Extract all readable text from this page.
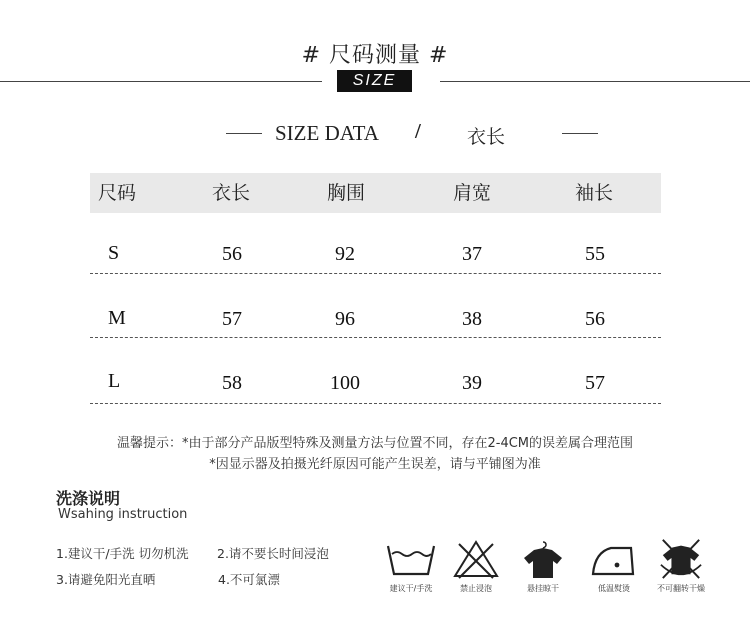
# 尺码测量 #
SIZE
SIZE DATA / 衣长
尺码	衣长	胸围	肩宽	袖长
S	56	92	37	55
M	57	96	38	56
L	58	100	39	57
温馨提示：*由于部分产品版型特殊及测量方法与位置不同，存在2-4CM的误差属合理范围
*因显示器及拍摄光纤原因可能产生误差，请与平铺图为准
洗涤说明
Wsahing instruction
1.建议干/手洗 切勿机洗 2.请不要长时间浸泡
3.请避免阳光直晒	4.不可氯漂
建议干/手洗	禁止浸泡	悬挂晾干	低温熨烫	不可翻转干燥
